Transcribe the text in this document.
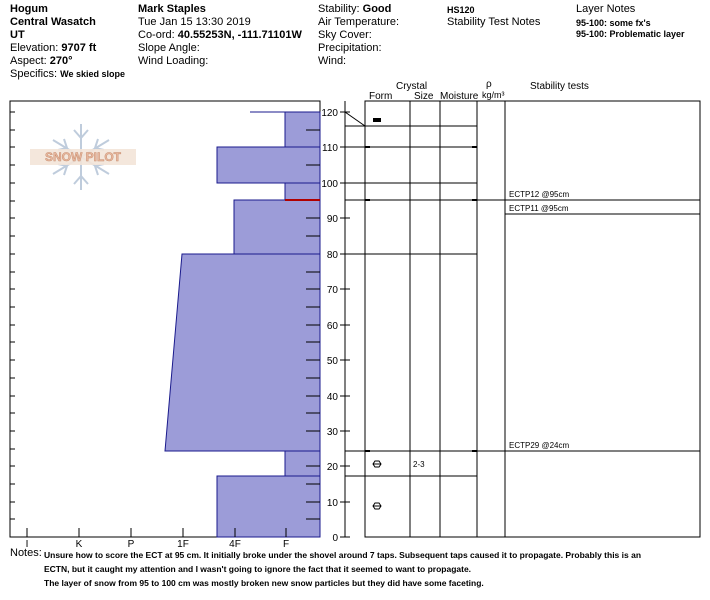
Hogum
Central Wasatch
UT
Elevation: 9707 ft
Aspect: 270°
Specifics: We skied slope
Mark Staples
Tue Jan 15 13:30 2019
Co-ord: 40.55253N, -111.71101W
Slope Angle:
Wind Loading:
Stability: Good
Air Temperature:
Sky Cover:
Precipitation:
Wind:
HS120
Stability Test Notes
Layer Notes
95-100: some fx's
95-100: Problematic layer
Crystal
Form Size Moisture
ρ
kg/m³
Stability tests
SNOW PILOT
I	K	P	1F	4F	F
120
110
100
90
80
70
60
50
40
30
20
10
0
2-3
ECTP12 @95cm
ECTP11 @95cm
ECTP29 @24cm
Notes: Unsure how to score the ECT at 95 cm. It initially broke under the shovel around 7 taps. Subsequent taps caused it to propagate. Probably this is an
ECTN, but it caught my attention and I wasn't going to ignore the fact that it seemed to want to propagate.
The layer of snow from 95 to 100 cm was mostly broken new snow particles but they did have some faceting.
